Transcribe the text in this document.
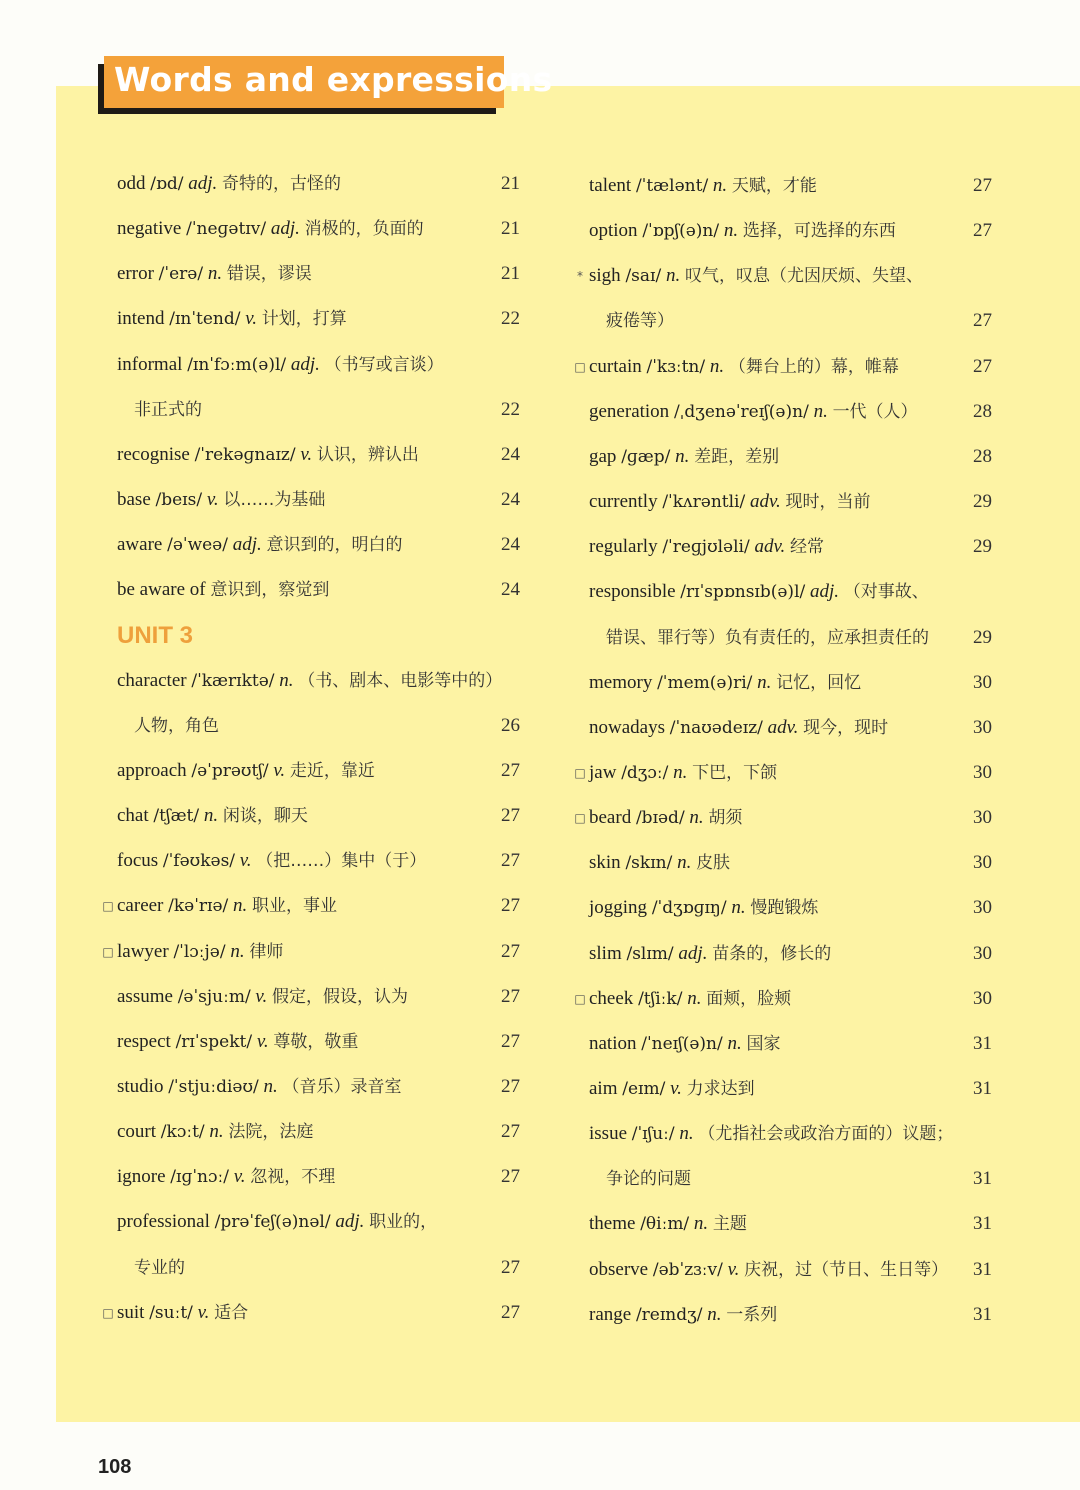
Words and expressions
odd /ɒd/ adj. 奇特的，古怪的	21
negative /ˈneɡətɪv/ adj. 消极的，负面的	21
error /ˈerə/ n. 错误，谬误	21
intend /ɪnˈtend/ v. 计划，打算	22
informal /ɪnˈfɔːm(ə)l/ adj. （书写或言谈）
非正式的	22
recognise /ˈrekəɡnaɪz/ v. 认识，辨认出	24
base /beɪs/ v. 以……为基础	24
aware /əˈweə/ adj. 意识到的，明白的	24
be aware of 意识到，察觉到	24
UNIT 3
character /ˈkærɪktə/ n. （书、剧本、电影等中的）
人物，角色	26
approach /əˈprəʊtʃ/ v. 走近，靠近	27
chat /tʃæt/ n. 闲谈，聊天	27
focus /ˈfəʊkəs/ v. （把……）集中（于）	27
□ career /kəˈrɪə/ n. 职业，事业	27
□ lawyer /ˈlɔːjə/ n. 律师	27
assume /əˈsjuːm/ v. 假定，假设，认为	27
respect /rɪˈspekt/ v. 尊敬，敬重	27
studio /ˈstjuːdiəʊ/ n. （音乐）录音室	27
court /kɔːt/ n. 法院，法庭	27
ignore /ɪɡˈnɔː/ v. 忽视，不理	27
professional /prəˈfeʃ(ə)nəl/ adj. 职业的，
专业的	27
□ suit /suːt/ v. 适合	27
talent /ˈtælənt/ n. 天赋，才能	27
option /ˈɒpʃ(ə)n/ n. 选择，可选择的东西	27
* sigh /saɪ/ n. 叹气，叹息（尤因厌烦、失望、
疲倦等）	27
□ curtain /ˈkɜːtn/ n. （舞台上的）幕，帷幕	27
generation /ˌdʒenəˈreɪʃ(ə)n/ n. 一代（人）	28
gap /ɡæp/ n. 差距，差别	28
currently /ˈkʌrəntli/ adv. 现时，当前	29
regularly /ˈreɡjʊləli/ adv. 经常	29
responsible /rɪˈspɒnsɪb(ə)l/ adj. （对事故、
错误、罪行等）负有责任的，应承担责任的	29
memory /ˈmem(ə)ri/ n. 记忆，回忆	30
nowadays /ˈnaʊədeɪz/ adv. 现今，现时	30
□ jaw /dʒɔː/ n. 下巴，下颌	30
□ beard /bɪəd/ n. 胡须	30
skin /skɪn/ n. 皮肤	30
jogging /ˈdʒɒɡɪŋ/ n. 慢跑锻炼	30
slim /slɪm/ adj. 苗条的，修长的	30
□ cheek /tʃiːk/ n. 面颊，脸颊	30
nation /ˈneɪʃ(ə)n/ n. 国家	31
aim /eɪm/ v. 力求达到	31
issue /ˈɪʃuː/ n. （尤指社会或政治方面的）议题；
争论的问题	31
theme /θiːm/ n. 主题	31
observe /əbˈzɜːv/ v. 庆祝，过（节日、生日等）	31
range /reɪndʒ/ n. 一系列	31
108
